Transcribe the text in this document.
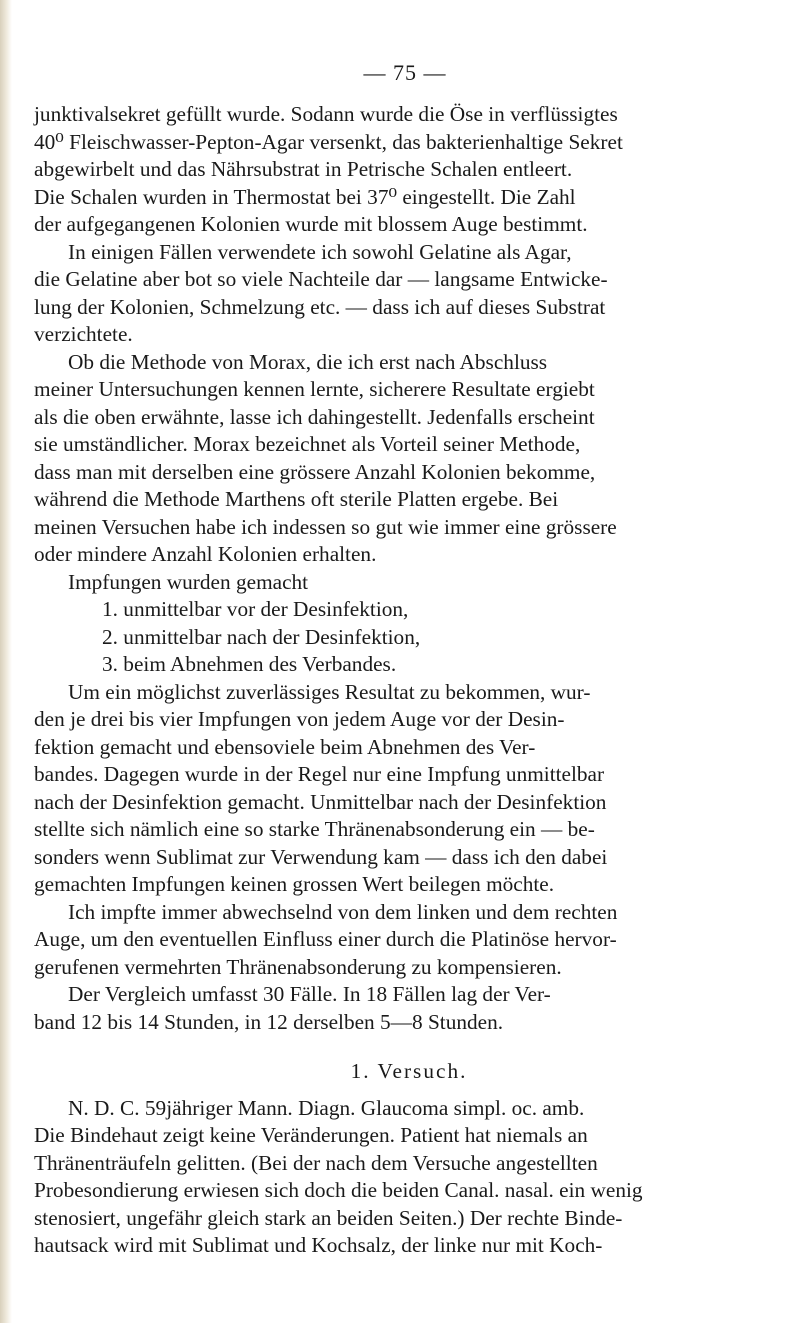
— 75 —
junktivalsekret gefüllt wurde. Sodann wurde die Öse in verflüssigtes
40⁰ Fleischwasser-Pepton-Agar versenkt, das bakterienhaltige Sekret
abgewirbelt und das Nährsubstrat in Petrische Schalen entleert.
Die Schalen wurden in Thermostat bei 37⁰ eingestellt. Die Zahl
der aufgegangenen Kolonien wurde mit blossem Auge bestimmt.
In einigen Fällen verwendete ich sowohl Gelatine als Agar,
die Gelatine aber bot so viele Nachteile dar — langsame Entwicke-
lung der Kolonien, Schmelzung etc. — dass ich auf dieses Substrat
verzichtete.
Ob die Methode von Morax, die ich erst nach Abschluss
meiner Untersuchungen kennen lernte, sicherere Resultate ergiebt
als die oben erwähnte, lasse ich dahingestellt. Jedenfalls erscheint
sie umständlicher. Morax bezeichnet als Vorteil seiner Methode,
dass man mit derselben eine grössere Anzahl Kolonien bekomme,
während die Methode Marthens oft sterile Platten ergebe. Bei
meinen Versuchen habe ich indessen so gut wie immer eine grössere
oder mindere Anzahl Kolonien erhalten.
Impfungen wurden gemacht
1. unmittelbar vor der Desinfektion,
2. unmittelbar nach der Desinfektion,
3. beim Abnehmen des Verbandes.
Um ein möglichst zuverlässiges Resultat zu bekommen, wur-
den je drei bis vier Impfungen von jedem Auge vor der Desin-
fektion gemacht und ebensoviele beim Abnehmen des Ver-
bandes. Dagegen wurde in der Regel nur eine Impfung unmittelbar
nach der Desinfektion gemacht. Unmittelbar nach der Desinfektion
stellte sich nämlich eine so starke Thränenabsonderung ein — be-
sonders wenn Sublimat zur Verwendung kam — dass ich den dabei
gemachten Impfungen keinen grossen Wert beilegen möchte.
Ich impfte immer abwechselnd von dem linken und dem rechten
Auge, um den eventuellen Einfluss einer durch die Platinöse hervor-
gerufenen vermehrten Thränenabsonderung zu kompensieren.
Der Vergleich umfasst 30 Fälle. In 18 Fällen lag der Ver-
band 12 bis 14 Stunden, in 12 derselben 5—8 Stunden.
1. Versuch.
N. D. C. 59jähriger Mann. Diagn. Glaucoma simpl. oc. amb.
Die Bindehaut zeigt keine Veränderungen. Patient hat niemals an
Thränenträufeln gelitten. (Bei der nach dem Versuche angestellten
Probesondierung erwiesen sich doch die beiden Canal. nasal. ein wenig
stenosiert, ungefähr gleich stark an beiden Seiten.) Der rechte Binde-
hautsack wird mit Sublimat und Kochsalz, der linke nur mit Koch-
